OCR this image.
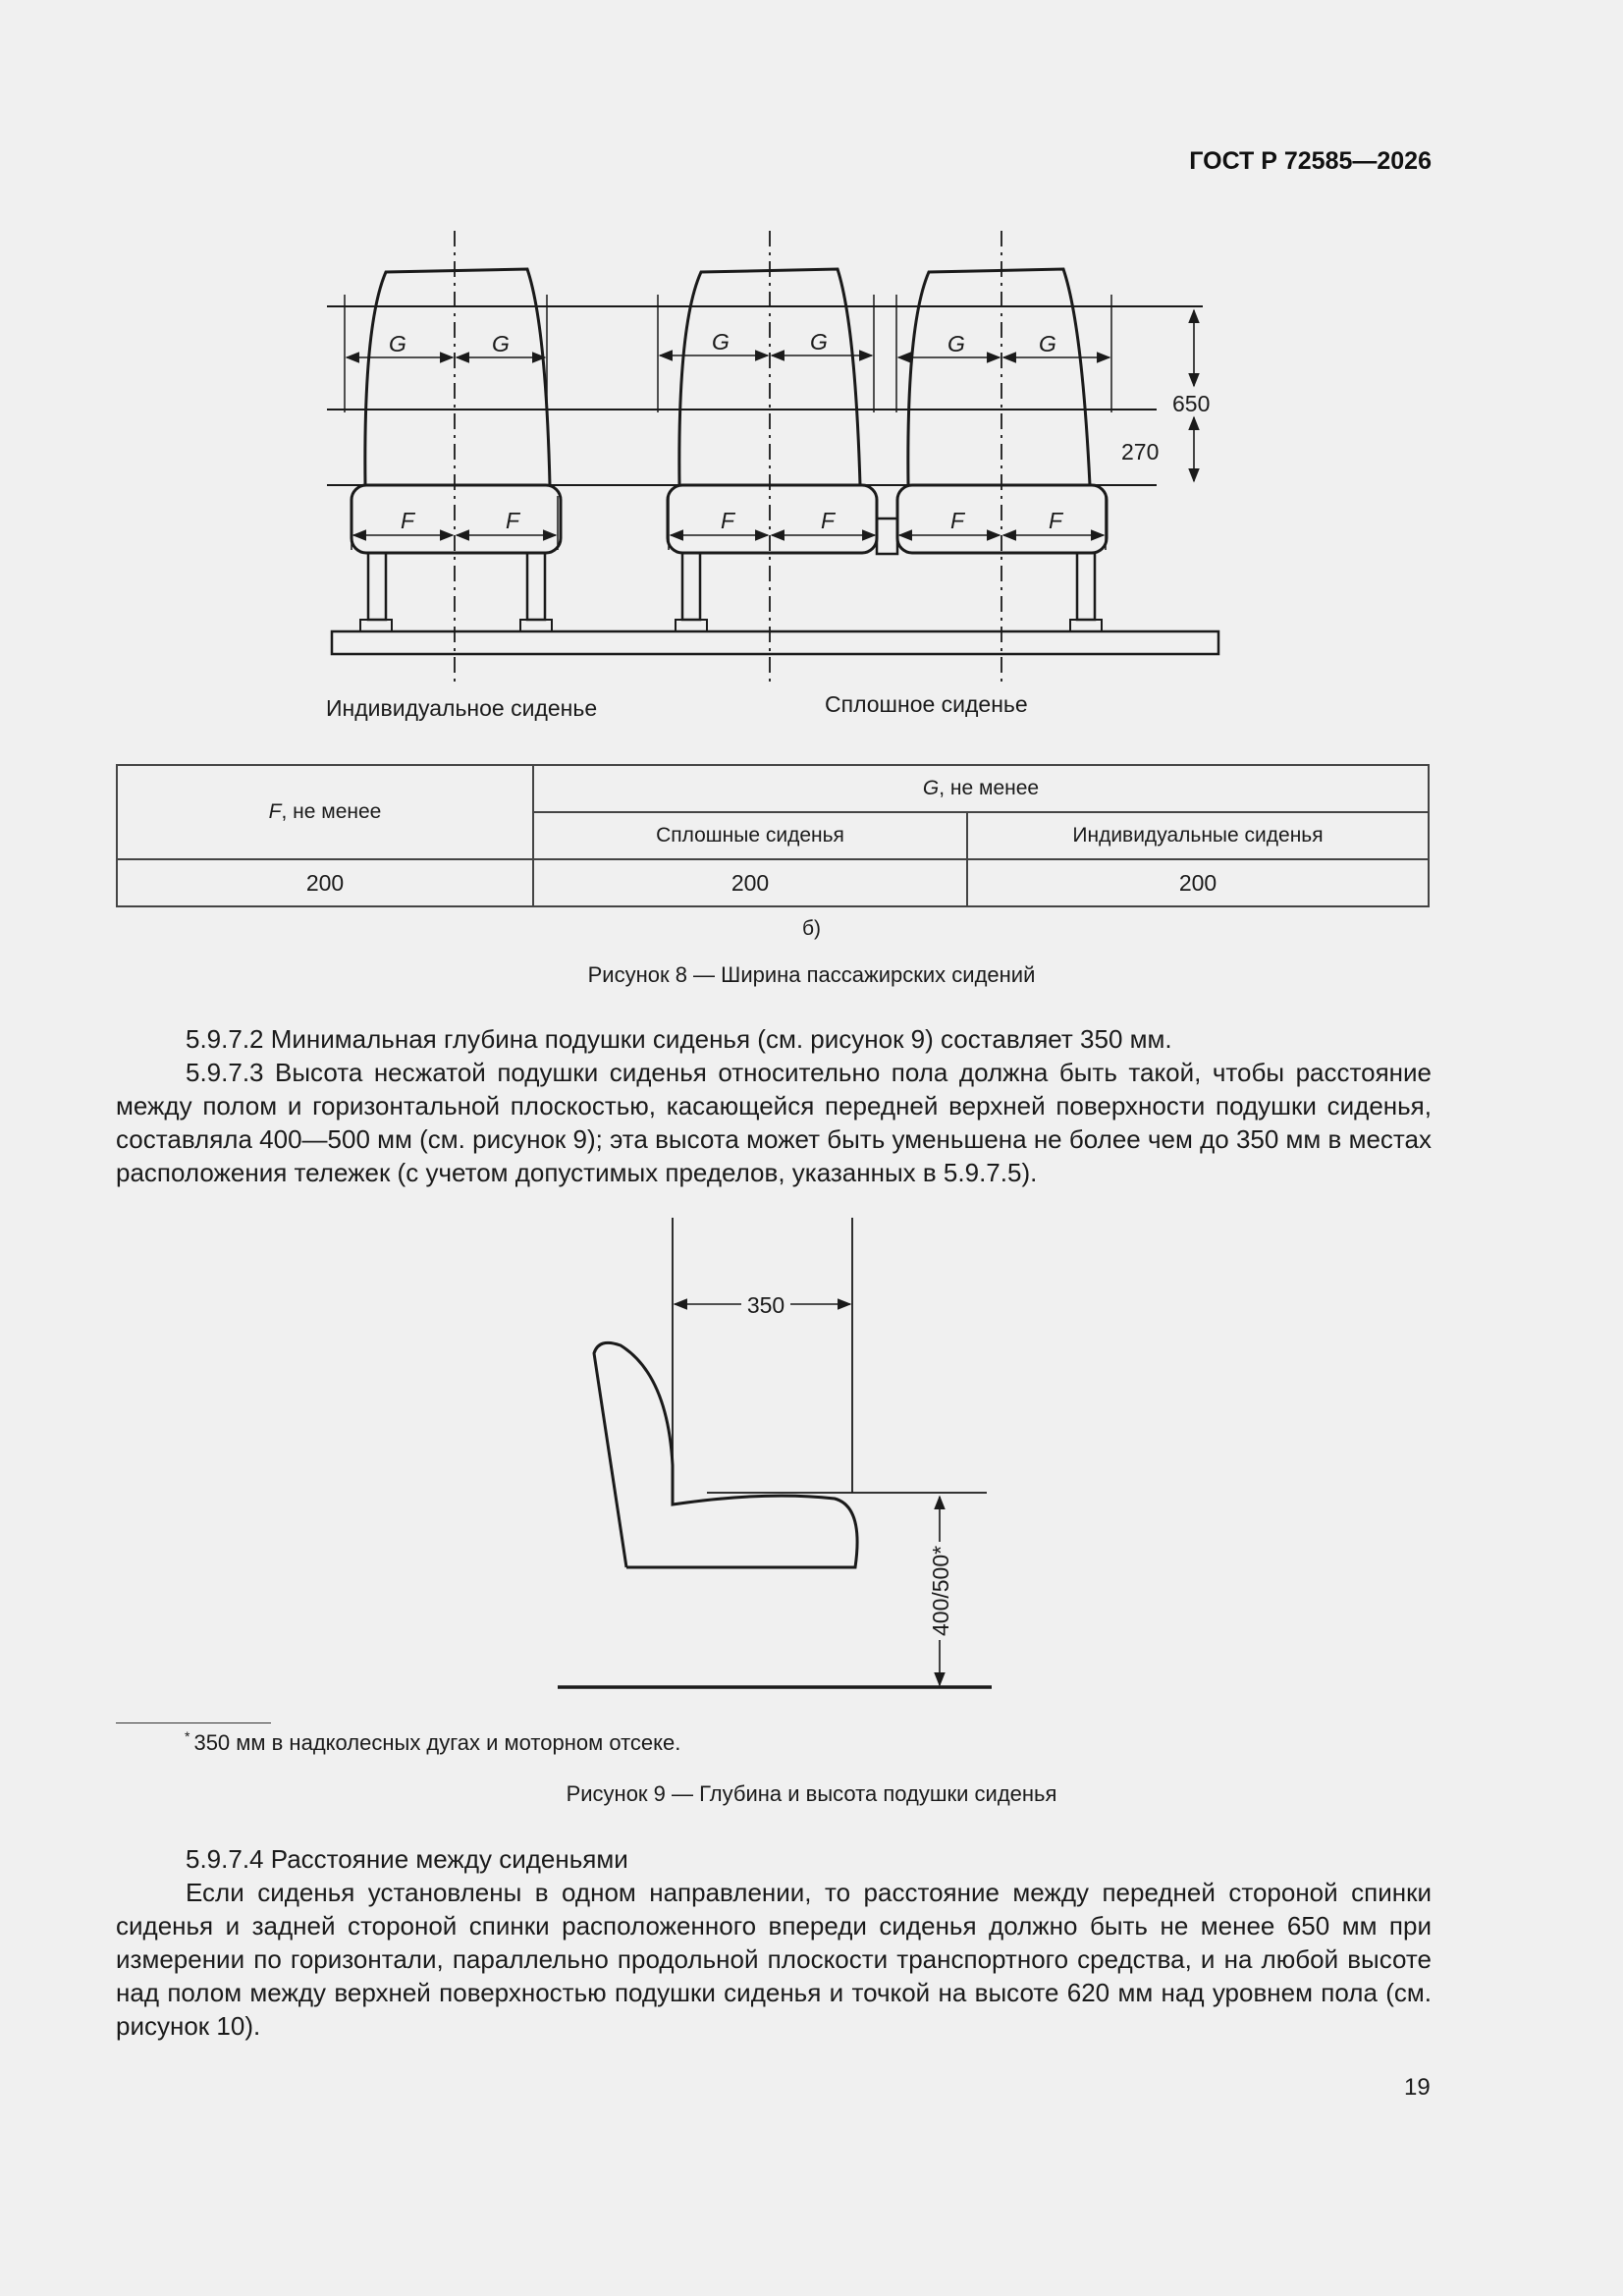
ГОСТ Р 72585—2026
G	G	G	G	G	G
F	F	F	F	F	F
650
270
Индивидуальное сиденье	Сплошное сиденье
F, не менее	G, не менее	
	Сплошные сиденья	Индивидуальные сиденья
200	200	200
б)
Рисунок 8 — Ширина пассажирских сидений

5.9.7.2 Минимальная глубина подушки сиденья (см. рисунок 9) составляет 350 мм.

5.9.7.3 Высота несжатой подушки сиденья относительно пола должна быть такой, чтобы расстояние между полом и горизонтальной плоскостью, касающейся передней верхней поверхности подушки сиденья, составляла 400—500 мм (см. рисунок 9); эта высота может быть уменьшена не более чем до 350 мм в местах расположения тележек (с учетом допустимых пределов, указанных в 5.9.7.5).

350
400/500*
* 350 мм в надколесных дугах и моторном отсеке.
Рисунок 9 — Глубина и высота подушки сиденья

5.9.7.4 Расстояние между сиденьями

Если сиденья установлены в одном направлении, то расстояние между передней стороной спинки сиденья и задней стороной спинки расположенного впереди сиденья должно быть не менее 650 мм при измерении по горизонтали, параллельно продольной плоскости транспортного средства, и на любой высоте над полом между верхней поверхностью подушки сиденья и точкой на высоте 620 мм над уровнем пола (см. рисунок 10).

19
